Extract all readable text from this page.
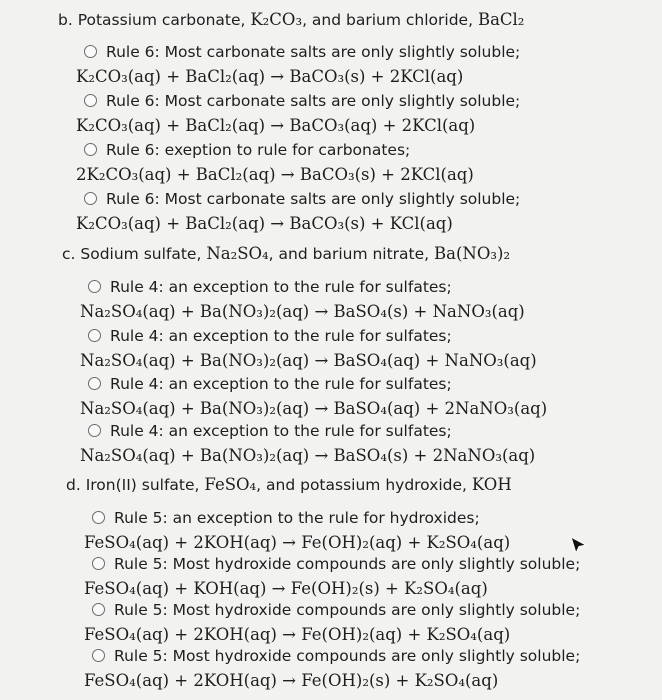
b. Potassium carbonate, K₂CO₃, and barium chloride, BaCl₂
Rule 6: Most carbonate salts are only slightly soluble;
K₂CO₃(aq) + BaCl₂(aq) → BaCO₃(s) + 2KCl(aq)
Rule 6: Most carbonate salts are only slightly soluble;
K₂CO₃(aq) + BaCl₂(aq) → BaCO₃(aq) + 2KCl(aq)
Rule 6: exeption to rule for carbonates;
2K₂CO₃(aq) + BaCl₂(aq) → BaCO₃(s) + 2KCl(aq)
Rule 6: Most carbonate salts are only slightly soluble;
K₂CO₃(aq) + BaCl₂(aq) → BaCO₃(s) + KCl(aq)
c. Sodium sulfate, Na₂SO₄, and barium nitrate, Ba(NO₃)₂
Rule 4: an exception to the rule for sulfates;
Na₂SO₄(aq) + Ba(NO₃)₂(aq) → BaSO₄(s) + NaNO₃(aq)
Rule 4: an exception to the rule for sulfates;
Na₂SO₄(aq) + Ba(NO₃)₂(aq) → BaSO₄(aq) + NaNO₃(aq)
Rule 4: an exception to the rule for sulfates;
Na₂SO₄(aq) + Ba(NO₃)₂(aq) → BaSO₄(aq) + 2NaNO₃(aq)
Rule 4: an exception to the rule for sulfates;
Na₂SO₄(aq) + Ba(NO₃)₂(aq) → BaSO₄(s) + 2NaNO₃(aq)
d. Iron(II) sulfate, FeSO₄, and potassium hydroxide, KOH
Rule 5: an exception to the rule for hydroxides;
FeSO₄(aq) + 2KOH(aq) → Fe(OH)₂(aq) + K₂SO₄(aq)
Rule 5: Most hydroxide compounds are only slightly soluble;
FeSO₄(aq) + KOH(aq) → Fe(OH)₂(s) + K₂SO₄(aq)
Rule 5: Most hydroxide compounds are only slightly soluble;
FeSO₄(aq) + 2KOH(aq) → Fe(OH)₂(aq) + K₂SO₄(aq)
Rule 5: Most hydroxide compounds are only slightly soluble;
FeSO₄(aq) + 2KOH(aq) → Fe(OH)₂(s) + K₂SO₄(aq)
